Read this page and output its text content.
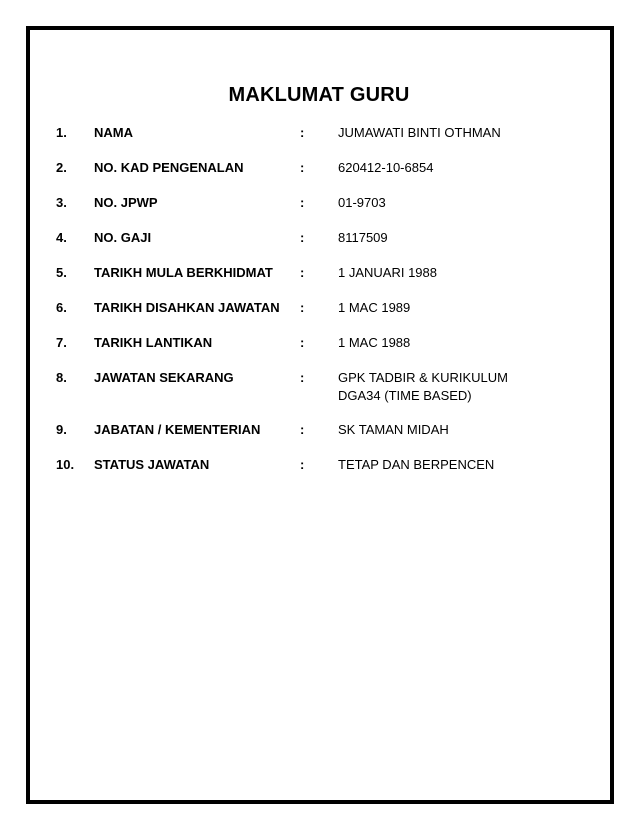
MAKLUMAT GURU
1. NAMA	:	JUMAWATI BINTI OTHMAN
2. NO. KAD PENGENALAN	:	620412-10-6854
3. NO. JPWP	:	01-9703
4. NO. GAJI	:	8117509
5. TARIKH MULA BERKHIDMAT :	1 JANUARI 1988
6. TARIKH DISAHKAN JAWATAN :	1 MAC 1989
7. TARIKH LANTIKAN	:	1 MAC 1988
8. JAWATAN SEKARANG	:	GPK TADBIR & KURIKULUM
DGA34 (TIME BASED)
9. JABATAN / KEMENTERIAN	:	SK TAMAN MIDAH
10. STATUS JAWATAN	:	TETAP DAN BERPENCEN
